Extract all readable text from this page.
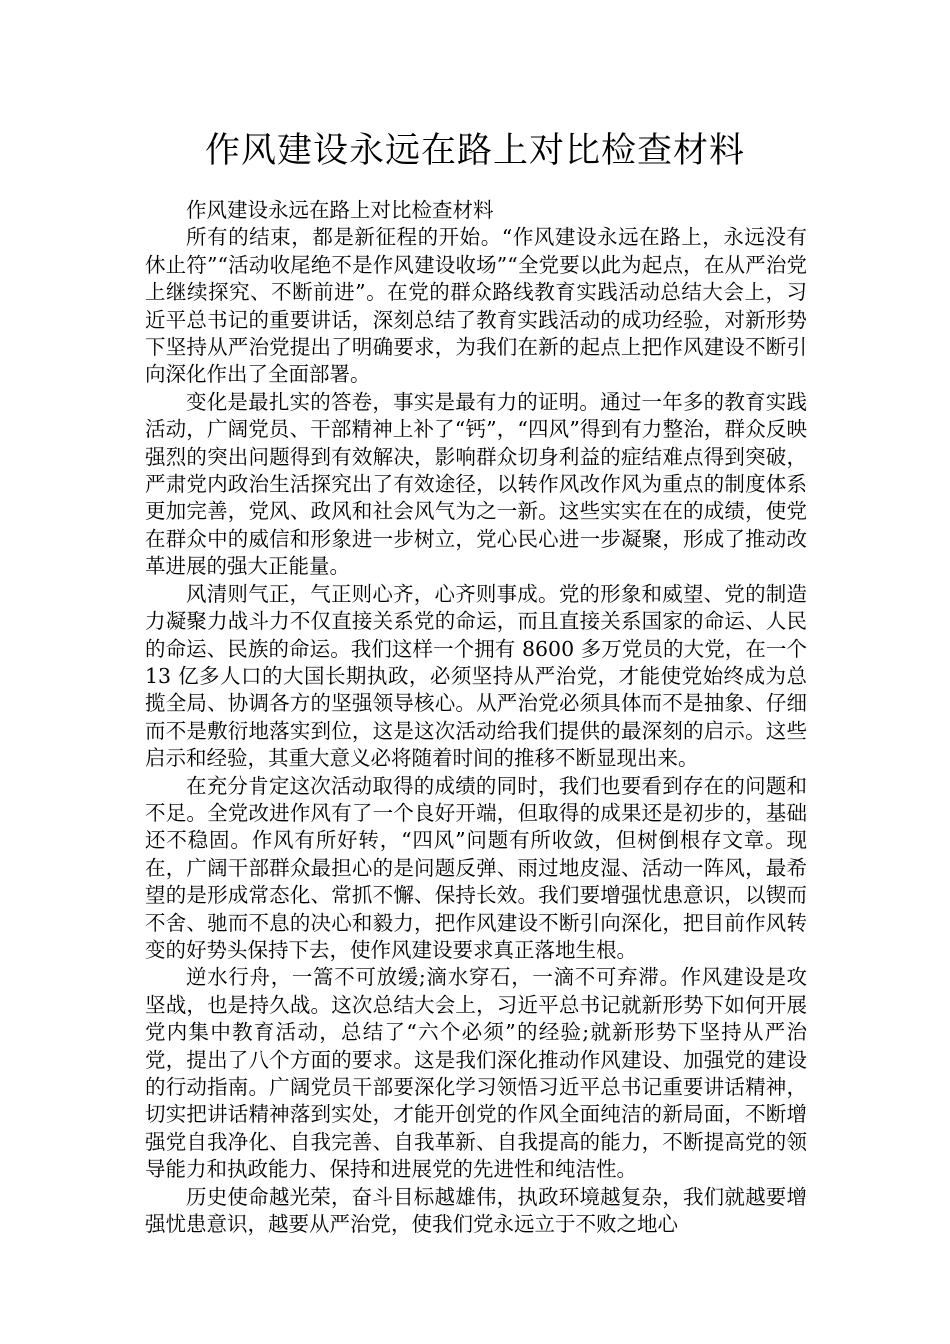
作风建设永远在路上对比检查材料

作风建设永远在路上对比检查材料

所有的结束，都是新征程的开始。“作风建设永远在路上，永远没有休止符”“活动收尾绝不是作风建设收场”“全党要以此为起点，在从严治党上继续探究、不断前进”。在党的群众路线教育实践活动总结大会上，习近平总书记的重要讲话，深刻总结了教育实践活动的成功经验，对新形势下坚持从严治党提出了明确要求，为我们在新的起点上把作风建设不断引向深化作出了全面部署。

变化是最扎实的答卷，事实是最有力的证明。通过一年多的教育实践活动，广阔党员、干部精神上补了“钙”，“四风”得到有力整治，群众反映强烈的突出问题得到有效解决，影响群众切身利益的症结难点得到突破，严肃党内政治生活探究出了有效途径，以转作风改作风为重点的制度体系更加完善，党风、政风和社会风气为之一新。这些实实在在的成绩，使党在群众中的威信和形象进一步树立，党心民心进一步凝聚，形成了推动改革进展的强大正能量。

风清则气正，气正则心齐，心齐则事成。党的形象和威望、党的制造力凝聚力战斗力不仅直接关系党的命运，而且直接关系国家的命运、人民的命运、民族的命运。我们这样一个拥有 8600 多万党员的大党，在一个 13 亿多人口的大国长期执政，必须坚持从严治党，才能使党始终成为总揽全局、协调各方的坚强领导核心。从严治党必须具体而不是抽象、仔细而不是敷衍地落实到位，这是这次活动给我们提供的最深刻的启示。这些启示和经验，其重大意义必将随着时间的推移不断显现出来。

在充分肯定这次活动取得的成绩的同时，我们也要看到存在的问题和不足。全党改进作风有了一个良好开端，但取得的成果还是初步的，基础还不稳固。作风有所好转，“四风”问题有所收敛，但树倒根存文章。现在，广阔干部群众最担心的是问题反弹、雨过地皮湿、活动一阵风，最希望的是形成常态化、常抓不懈、保持长效。我们要增强忧患意识，以锲而不舍、驰而不息的决心和毅力，把作风建设不断引向深化，把目前作风转变的好势头保持下去，使作风建设要求真正落地生根。

逆水行舟，一篙不可放缓;滴水穿石，一滴不可弃滞。作风建设是攻坚战，也是持久战。这次总结大会上，习近平总书记就新形势下如何开展党内集中教育活动，总结了“六个必须”的经验;就新形势下坚持从严治党，提出了八个方面的要求。这是我们深化推动作风建设、加强党的建设的行动指南。广阔党员干部要深化学习领悟习近平总书记重要讲话精神，切实把讲话精神落到实处，才能开创党的作风全面纯洁的新局面，不断增强党自我净化、自我完善、自我革新、自我提高的能力，不断提高党的领导能力和执政能力、保持和进展党的先进性和纯洁性。

历史使命越光荣，奋斗目标越雄伟，执政环境越复杂，我们就越要增强忧患意识，越要从严治党，使我们党永远立于不败之地心
